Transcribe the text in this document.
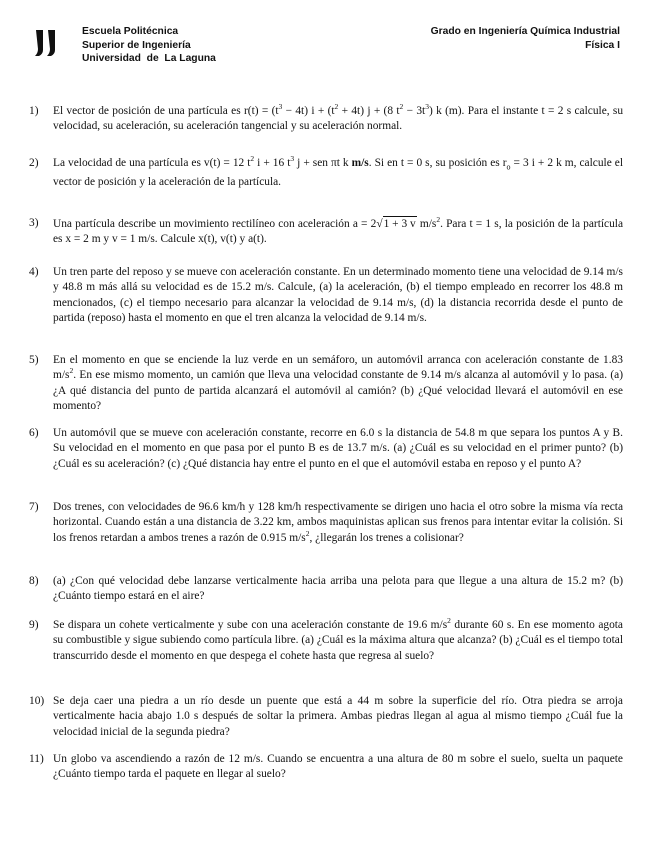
Escuela Politécnica
Superior de Ingeniería
Universidad  de  La Laguna
Grado en Ingeniería Química Industrial
Física I
1)	El vector de posición de una partícula es $r(t) = (t^3 - 4t) i + (t^2 + 4t) j + (8$ $t^2 - 3t^3$) k (m). Para el instante t = 2 s calcule, su velocidad, su aceleración, su aceleración tangencial y su aceleración normal.
2)	La velocidad de una partícula es v(t) = 12 $t^2$ i + 16 $t^3$ j + sen πt k m/s. Si en t = 0 s, su posición es $r_o = 3$ i + 2 k m, calcule el vector de posición y la aceleración de la partícula.
3)	Una partícula describe un movimiento rectilíneo con aceleración a = 2√1 + 3 v $m/s^2$. Para t = 1 s, la posición de la partícula es x = 2 m y v = 1 m/s. Calcule x(t), v(t) y a(t).
4)	Un tren parte del reposo y se mueve con aceleración constante. En un determinado momento tiene una velocidad de 9.14 m/s y 48.8 m más allá su velocidad es de 15.2 m/s. Calcule, (a) la aceleración, (b) el tiempo empleado en recorrer los 48.8 m mencionados, (c) el tiempo necesario para alcanzar la velocidad de 9.14 m/s, (d) la distancia recorrida desde el punto de partida (reposo) hasta el momento en que el tren alcanza la velocidad de 9.14 m/s.
5)	En el momento en que se enciende la luz verde en un semáforo, un automóvil arranca con aceleración constante de 1.83 $m/s^2$. En ese mismo momento, un camión que lleva una velocidad constante de 9.14 m/s alcanza al automóvil y lo pasa. (a) ¿A qué distancia del punto de partida alcanzará el automóvil al camión? (b) ¿Qué velocidad llevará el automóvil en ese momento?
6)	Un automóvil que se mueve con aceleración constante, recorre en 6.0 s la distancia de 54.8 m que separa los puntos A y B. Su velocidad en el momento en que pasa por el punto B es de 13.7 m/s. (a) ¿Cuál es su velocidad en el primer punto? (b) ¿Cuál es su aceleración? (c) ¿Qué distancia hay entre el punto en el que el automóvil estaba en reposo y el punto A?
7)	Dos trenes, con velocidades de 96.6 km/h y 128 km/h respectivamente se dirigen uno hacia el otro sobre la misma vía recta horizontal. Cuando están a una distancia de 3.22 km, ambos maquinistas aplican sus frenos para intentar evitar la colisión. Si los frenos retardan a ambos trenes a razón de 0.915 $m/s^2$, ¿llegarán los trenes a colisionar?
8)	(a) ¿Con qué velocidad debe lanzarse verticalmente hacia arriba una pelota para que llegue a una altura de 15.2 m? (b) ¿Cuánto tiempo estará en el aire?
9)	Se dispara un cohete verticalmente y sube con una aceleración constante de 19.6 $m/s^2$ durante 60 s. En ese momento agota su combustible y sigue subiendo como partícula libre. (a) ¿Cuál es la máxima altura que alcanza? (b) ¿Cuál es el tiempo total transcurrido desde el momento en que despega el cohete hasta que regresa al suelo?
10) Se deja caer una piedra a un río desde un puente que está a 44 m sobre la superficie del río. Otra piedra se arroja verticalmente hacia abajo 1.0 s después de soltar la primera. Ambas piedras llegan al agua al mismo tiempo ¿Cuál fue la velocidad inicial de la segunda piedra?
11) Un globo va ascendiendo a razón de 12 m/s. Cuando se encuentra a una altura de 80 m sobre el suelo, suelta un paquete ¿Cuánto tiempo tarda el paquete en llegar al suelo?
